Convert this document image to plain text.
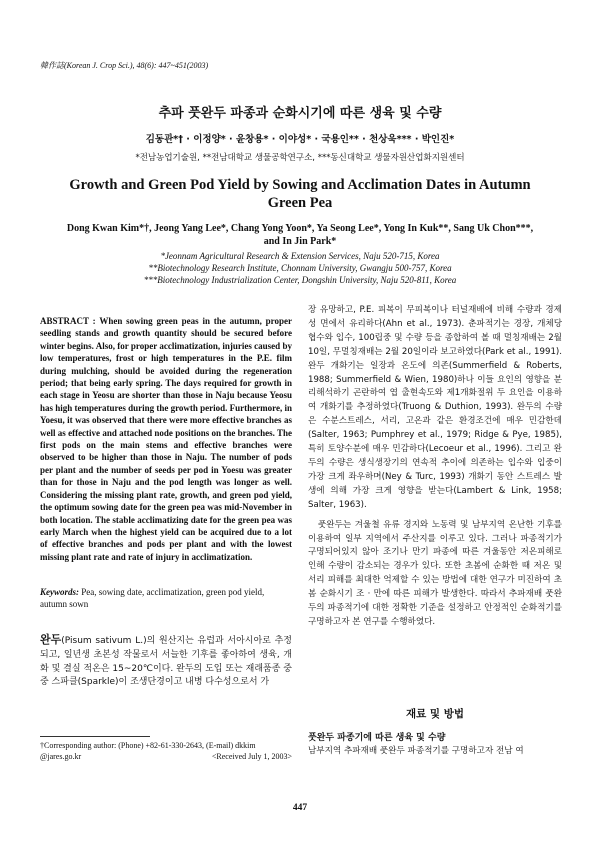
韓作誌(Korean J. Crop Sci.), 48(6): 447~451(2003)
추파 풋완두 파종과 순화시기에 따른 생육 및 수량
김동관*† · 이정양* · 윤창용* · 이야성* · 국용인** · 천상욱*** · 박인진*
*전남농업기술원, **전남대학교 생물공학연구소, ***동신대학교 생물자원산업화지원센터
Growth and Green Pod Yield by Sowing and Acclimation Dates in Autumn Green Pea
Dong Kwan Kim*†, Jeong Yang Lee*, Chang Yong Yoon*, Ya Seong Lee*, Yong In Kuk**, Sang Uk Chon***, and In Jin Park*
*Jeonnam Agricultural Research & Extension Services, Naju 520-715, Korea
**Biotechnology Research Institute, Chonnam University, Gwangju 500-757, Korea
***Biotechnology Industrialization Center, Dongshin University, Naju 520-811, Korea
ABSTRACT : When sowing green peas in the autumn, proper seedling stands and growth quantity should be secured before winter begins. Also, for proper acclimatization, injuries caused by low temperatures, frost or high temperatures in the P.E. film during mulching, should be avoided during the regeneration period; that being early spring. The days required for growth in each stage in Yeosu are shorter than those in Naju because Yeosu has high temperatures during the growth period. Furthermore, in Yoesu, it was observed that there were more effective branches as well as effective and attached node positions on the branches. The first pods on the main stems and effective branches were observed to be higher than those in Naju. The number of pods per plant and the number of seeds per pod in Yoesu was greater than for those in Naju and the pod length was longer as well. Considering the missing plant rate, growth, and green pod yield, the optimum sowing date for the green pea was mid-November in both location. The stable acclimatizing date for the green pea was early March when the highest yield can be acquired due to a lot of effective branches and pods per plant and with the lowest missing plant rate and rate of injury in acclimatization.
Keywords: Pea, sowing date, acclimatization, green pod yield, autumn sown
완두(Pisum sativum L.)의 원산지는 유럽과 서아시아로 추정되고, 일년생 초본성 작물로서 서늘한 기후를 좋아하여 생육, 개화 및 결실 적온은 15~20℃이다. 완두의 도입 또는 재래품종 중 중 스파클(Sparkle)이 조생단경이고 내병 다수성으로서 가
†Corresponding author: (Phone) +82-61-330-2643, (E-mail) dkkim
@jares.go.kr	<Received July 1, 2003>

장 유망하고, P.E. 피복이 무피복이나 터널재배에 비해 수량과 경제성 면에서 유리하다(Ahn et al., 1973). 춘파적기는 경장, 개체당 협수와 입수, 100립중 및 수량 등을 종합하여 볼 때 멀칭재배는 2월 10일, 무멀칭재배는 2월 20일이라 보고하였다(Park et al., 1991). 완두 개화기는 일장과 온도에 의존(Summerfield & Roberts, 1988; Summerfield & Wien, 1980)하나 이들 요인의 영향을 분리해석하기 곤란하여 엽 출현속도와 제1개화절위 두 요인을 이용하여 개화기를 추정하였다(Truong & Duthion, 1993). 완두의 수량은 수분스트레스, 서리, 고온과 같은 환경조건에 매우 민감한데(Salter, 1963; Pumphrey et al., 1979; Ridge & Pye, 1985), 특히 토양수분에 매우 민감하다(Lecoeur et al., 1996). 그리고 완두의 수량은 생식생장기의 연속적 추이에 의존하는 입수와 입중이 가장 크게 좌우하며(Ney & Turc, 1993) 개화기 동안 스트레스 발생에 의해 가장 크게 영향을 받는다(Lambert & Link, 1958; Salter, 1963).

풋완두는 겨울철 유류 경지와 노동력 및 남부지역 온난한 기후를 이용하여 일부 지역에서 주산지를 이루고 있다. 그러나 파종적기가 구명되어있지 않아 조기나 만기 파종에 따른 겨울동안 저온피해로 인해 수량이 감소되는 경우가 있다. 또한 초봄에 순화한 때 저온 및 서리 피해를 최대한 억제할 수 있는 방법에 대한 연구가 미진하여 초봄 순화시기 조 · 만에 따른 피해가 발생한다. 따라서 추파재배 풋완두의 파종적기에 대한 정확한 기준을 설정하고 안정적인 순화적기를 구명하고자 본 연구를 수행하였다.

재료 및 방법
풋완두 파종기에 따른 생육 및 수량
남부지역 추파재배 풋완두 파종적기를 구명하고자 전남 여
447
